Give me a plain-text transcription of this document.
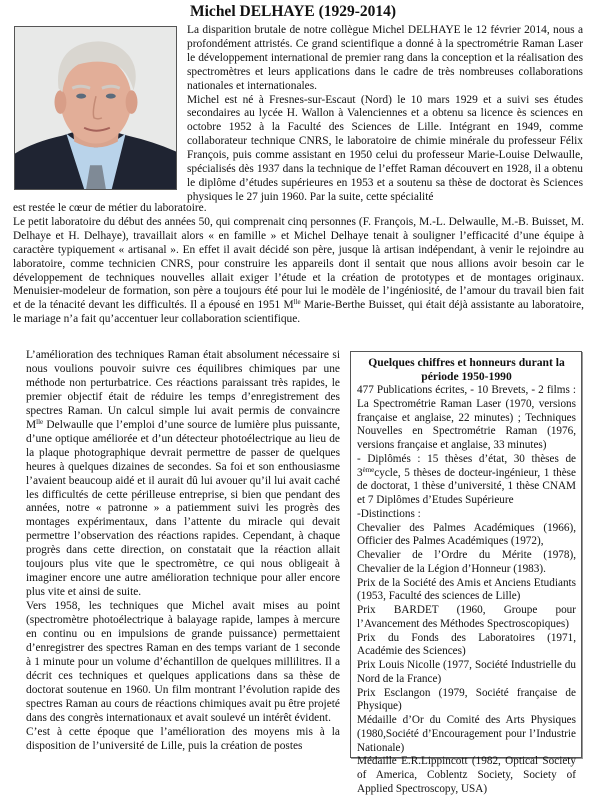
Michel DELHAYE (1929-2014)

La disparition brutale de notre collègue Michel DELHAYE le 12 février 2014, nous a profondément attristés. Ce grand scientifique a donné à la spectrométrie Raman Laser le développement international de premier rang dans la conception et la réalisation des spectromètres et leurs applications dans le cadre de très nombreuses collaborations nationales et internationales.

Michel est né à Fresnes-sur-Escaut (Nord) le 10 mars 1929 et a suivi ses études secondaires au lycée H. Wallon à Valenciennes et a obtenu sa licence ès sciences en octobre 1952 à la Faculté des Sciences de Lille. Intégrant en 1949, comme collaborateur technique CNRS, le laboratoire de chimie minérale du professeur Félix François, puis comme assistant en 1950 celui du professeur Marie-Louise Delwaulle, spécialisés dès 1937 dans la technique de l’effet Raman découvert en 1928, il a obtenu le diplôme d’études supérieures en 1953 et a soutenu sa thèse de doctorat ès Sciences physiques le 27 juin 1960. Par la suite, cette spécialité

est restée le cœur de métier du laboratoire.

Le petit laboratoire du début des années 50, qui comprenait cinq personnes (F. François, M.-L. Delwaulle, M.-B. Buisset, M. Delhaye et H. Delhaye), travaillait alors « en famille » et Michel Delhaye tenait à souligner l’efficacité d’une équipe à caractère typiquement « artisanal ». En effet il avait décidé son père, jusque là artisan indépendant, à venir le rejoindre au laboratoire, comme technicien CNRS, pour construire les appareils dont il sentait que nous allions avoir besoin car le développement de techniques nouvelles allait exiger l’étude et la création de prototypes et de montages originaux. Menuisier-modeleur de formation, son père a toujours été pour lui le modèle de l’ingéniosité, de l’amour du travail bien fait et de la ténacité devant les difficultés. Il a épousé en 1951 $M^{lle}$ Marie-Berthe Buisset, qui était déjà assistante au laboratoire, le mariage n’a fait qu’accentuer leur collaboration scientifique.

L’amélioration des techniques Raman était absolument nécessaire si nous voulions pouvoir suivre ces équilibres chimiques par une méthode non perturbatrice. Ces réactions paraissant très rapides, le premier objectif était de réduire les temps d’enregistrement des spectres Raman. Un calcul simple lui avait permis de convaincre $M^{lle}$ Delwaulle que l’emploi d’une source de lumière plus puissante, d’une optique améliorée et d’un détecteur photoélectrique au lieu de la plaque photographique devrait permettre de passer de quelques heures à quelques dizaines de secondes. Sa foi et son enthousiasme l’avaient beaucoup aidé et il aurait dû lui avouer qu’il lui avait caché les difficultés de cette périlleuse entreprise, si bien que pendant des années, notre « patronne » a patiemment suivi les progrès des montages expérimentaux, dans l’attente du miracle qui devait permettre l’observation des réactions rapides. Cependant, à chaque progrès dans cette direction, on constatait que la réaction allait toujours plus vite que le spectromètre, ce qui nous obligeait à imaginer encore une autre amélioration technique pour aller encore plus vite et ainsi de suite.

Vers 1958, les techniques que Michel avait mises au point (spectromètre photoélectrique à balayage rapide, lampes à mercure en continu ou en impulsions de grande puissance) permettaient d’enregistrer des spectres Raman en des temps variant de 1 seconde à 1 minute pour un volume d’échantillon de quelques millilitres. Il a décrit ces techniques et quelques applications dans sa thèse de doctorat soutenue en 1960. Un film montrant l’évolution rapide des spectres Raman au cours de réactions chimiques avait pu être projeté dans des congrès internationaux et avait soulevé un intérêt évident.

C’est à cette époque que l’amélioration des moyens mis à la disposition de l’université de Lille, puis la création de postes

Quelques chiffres et honneurs durant la période 1950-1990

477 Publications écrites, - 10 Brevets, - 2 films : La Spectrométrie Raman Laser (1970, versions française et anglaise, 22 minutes) ; Techniques Nouvelles en Spectrométrie Raman (1976, versions française et anglaise, 33 minutes)

- Diplômés : 15 thèses d’état, 30 thèses de 3èmecycle, 5 thèses de docteur-ingénieur, 1 thèse de doctorat, 1 thèse d’université, 1 thèse CNAM et 7 Diplômes d’Etudes Supérieure

-Distinctions :

Chevalier des Palmes Académiques (1966), Officier des Palmes Académiques (1972),

Chevalier de l’Ordre du Mérite (1978), Chevalier de la Légion d’Honneur (1983).

Prix de la Société des Amis et Anciens Etudiants (1953, Faculté des sciences de Lille)

Prix BARDET (1960, Groupe pour l’Avancement des Méthodes Spectroscopiques)

Prix du Fonds des Laboratoires (1971, Académie des Sciences)

Prix Louis Nicolle (1977, Société Industrielle du Nord de la France)

Prix Esclangon (1979, Société française de Physique)

Médaille d’Or du Comité des Arts Physiques (1980,Société d’Encouragement pour l’Industrie Nationale)

Médaille E.R.Lippincott (1982, Optical Society of America, Coblentz Society, Society of Applied Spectroscopy, USA)
